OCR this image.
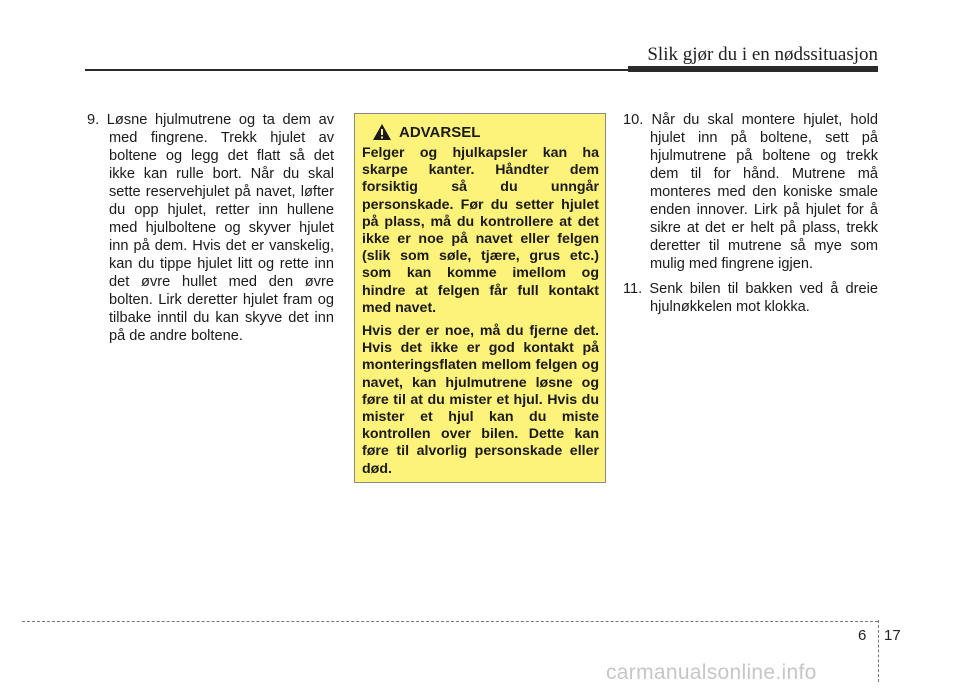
Slik gjør du i en nødssituasjon

9. Løsne hjulmutrene og ta dem av med fingrene. Trekk hjulet av boltene og legg det flatt så det ikke kan rulle bort. Når du skal sette reservehjulet på navet, løfter du opp hjulet, retter inn hullene med hjulboltene og skyver hjulet inn på dem. Hvis det er vanskelig, kan du tippe hjulet litt og rette inn det øvre hullet med den øvre bolten. Lirk deretter hjulet fram og tilbake inntil du kan skyve det inn på de andre boltene.

ADVARSEL

Felger og hjulkapsler kan ha skarpe kanter. Håndter dem forsiktig så du unngår personskade. Før du setter hjulet på plass, må du kontrollere at det ikke er noe på navet eller felgen (slik som søle, tjære, grus etc.) som kan komme imellom og hindre at felgen får full kontakt med navet.

Hvis der er noe, må du fjerne det. Hvis det ikke er god kontakt på monteringsflaten mellom felgen og navet, kan hjulmutrene løsne og føre til at du mister et hjul. Hvis du mister et hjul kan du miste kontrollen over bilen. Dette kan føre til alvorlig personskade eller død.

10. Når du skal montere hjulet, hold hjulet inn på boltene, sett på hjulmutrene på boltene og trekk dem til for hånd. Mutrene må monteres med den koniske smale enden innover. Lirk på hjulet for å sikre at det er helt på plass, trekk deretter til mutrene så mye som mulig med fingrene igjen.

11. Senk bilen til bakken ved å dreie hjulnøkkelen mot klokka.

6 17
carmanualsonline.info
